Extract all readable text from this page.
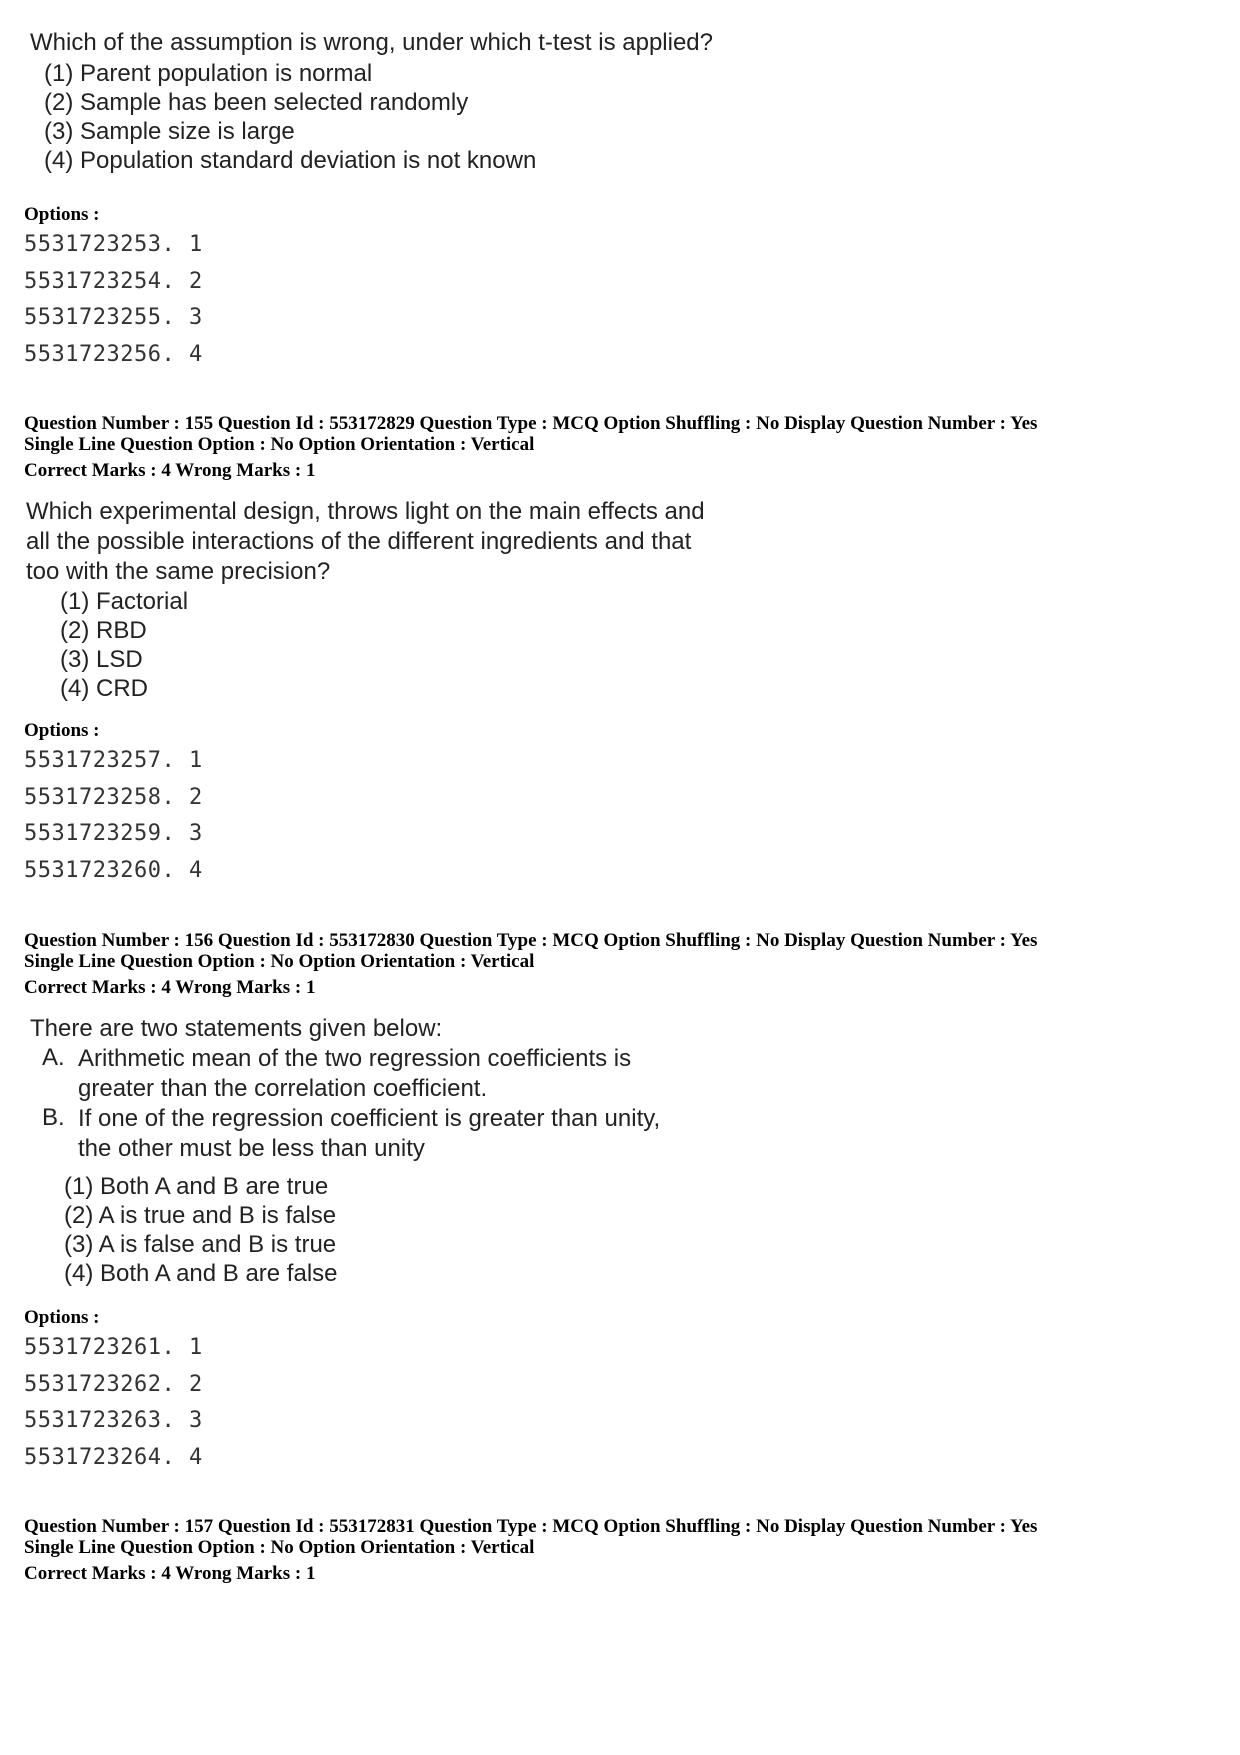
Which of the assumption is wrong, under which t-test is applied?
(1) Parent population is normal
(2) Sample has been selected randomly
(3) Sample size is large
(4) Population standard deviation is not known
Options :
5531723253. 1
5531723254. 2
5531723255. 3
5531723256. 4
Question Number : 155 Question Id : 553172829 Question Type : MCQ Option Shuffling : No Display Question Number : Yes
Single Line Question Option : No Option Orientation : Vertical
Correct Marks : 4 Wrong Marks : 1
Which experimental design, throws light on the main effects and
all the possible interactions of the different ingredients and that
too with the same precision?
(1) Factorial
(2) RBD
(3) LSD
(4) CRD
Options :
5531723257. 1
5531723258. 2
5531723259. 3
5531723260. 4
Question Number : 156 Question Id : 553172830 Question Type : MCQ Option Shuffling : No Display Question Number : Yes
Single Line Question Option : No Option Orientation : Vertical
Correct Marks : 4 Wrong Marks : 1
There are two statements given below:
A. Arithmetic mean of the two regression coefficients is
greater than the correlation coefficient.
B. If one of the regression coefficient is greater than unity,
the other must be less than unity
(1) Both A and B are true
(2) A is true and B is false
(3) A is false and B is true
(4) Both A and B are false
Options :
5531723261. 1
5531723262. 2
5531723263. 3
5531723264. 4
Question Number : 157 Question Id : 553172831 Question Type : MCQ Option Shuffling : No Display Question Number : Yes
Single Line Question Option : No Option Orientation : Vertical
Correct Marks : 4 Wrong Marks : 1
